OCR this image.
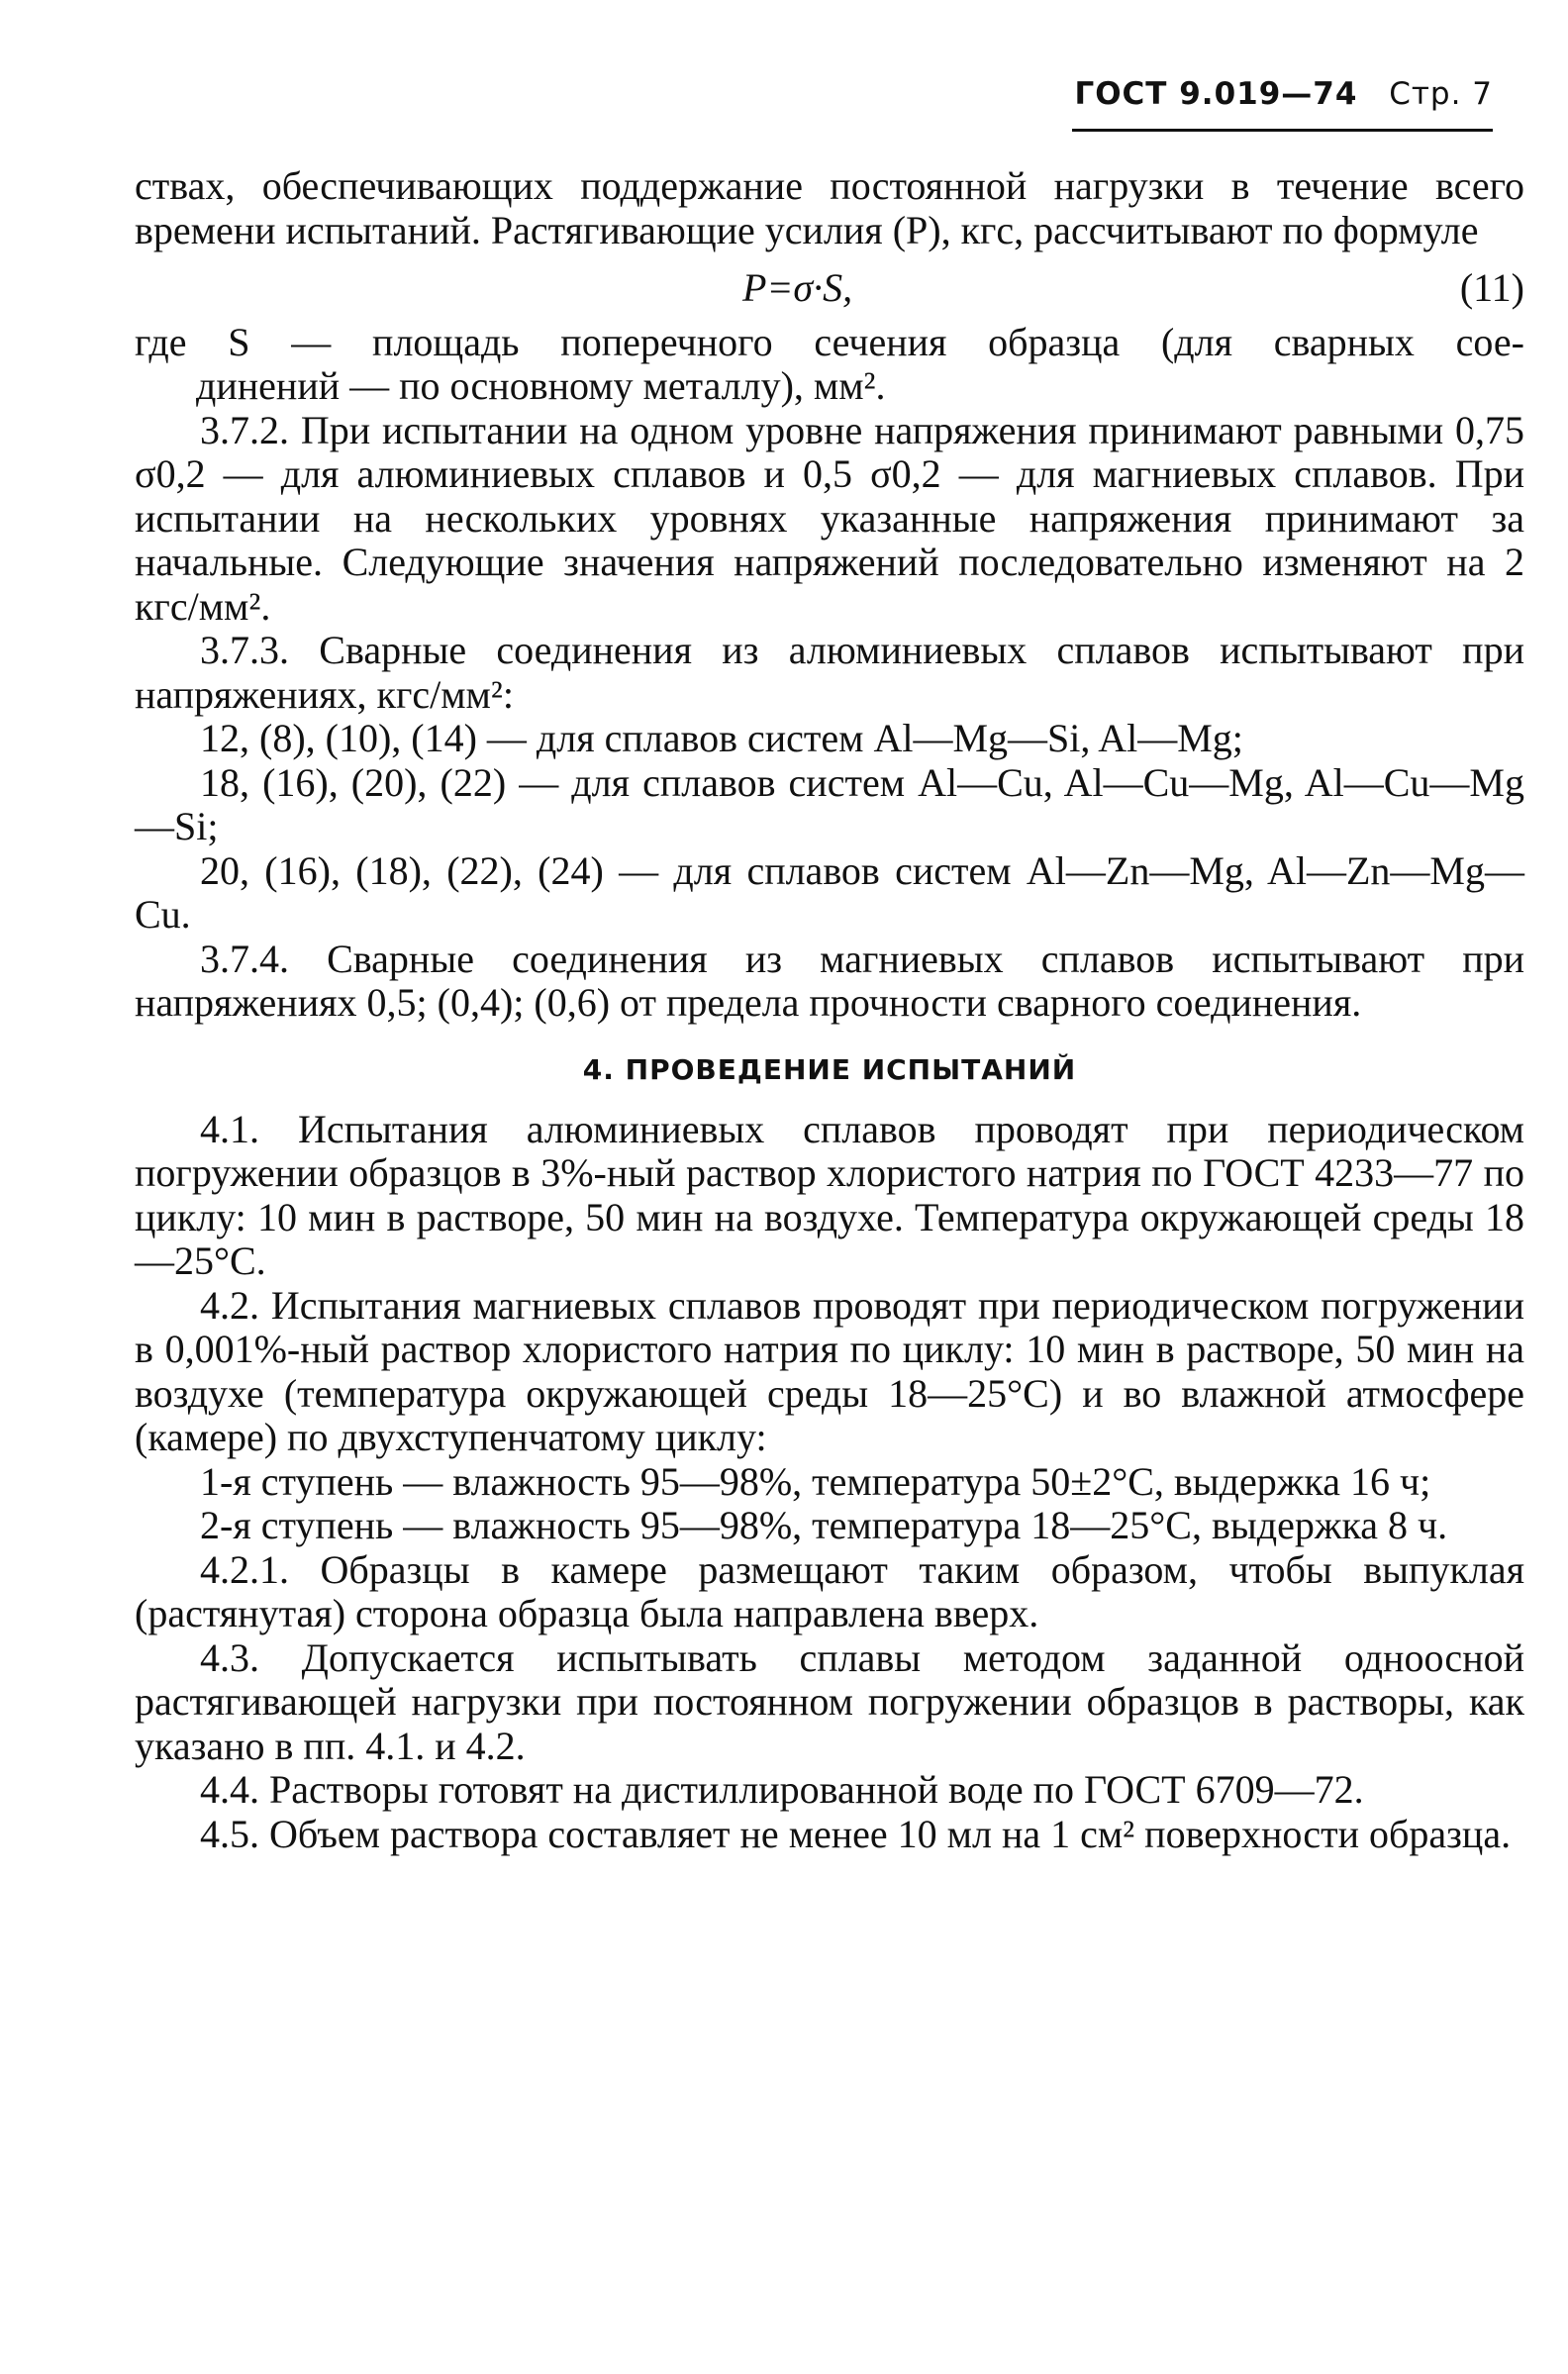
ГОСТ 9.019—74 Стр. 7

ствах, обеспечивающих поддержание постоянной нагрузки в течение всего времени испытаний. Растягивающие усилия (P), кгс, рассчитывают по формуле

P=σ·S,	(11)

где S — площадь поперечного сечения образца (для сварных сое-

динений — по основному металлу), мм².

3.7.2. При испытании на одном уровне напряжения принимают равными 0,75 σ0,2 — для алюминиевых сплавов и 0,5 σ0,2 — для магниевых сплавов. При испытании на нескольких уровнях указанные напряжения принимают за начальные. Следующие значения напряжений последовательно изменяют на 2 кгс/мм².

3.7.3. Сварные соединения из алюминиевых сплавов испытывают при напряжениях, кгс/мм²:

12, (8), (10), (14) — для сплавов систем Al—Mg—Si, Al—Mg;

18, (16), (20), (22) — для сплавов систем Al—Cu, Al—Cu—Mg, Al—Cu—Mg—Si;

20, (16), (18), (22), (24) — для сплавов систем Al—Zn—Mg, Al—Zn—Mg—Cu.

3.7.4. Сварные соединения из магниевых сплавов испытывают при напряжениях 0,5; (0,4); (0,6) от предела прочности сварного соединения.

4. ПРОВЕДЕНИЕ ИСПЫТАНИЙ

4.1. Испытания алюминиевых сплавов проводят при периодическом погружении образцов в 3%-ный раствор хлористого натрия по ГОСТ 4233—77 по циклу: 10 мин в растворе, 50 мин на воздухе. Температура окружающей среды 18—25°С.

4.2. Испытания магниевых сплавов проводят при периодическом погружении в 0,001%-ный раствор хлористого натрия по циклу: 10 мин в растворе, 50 мин на воздухе (температура окружающей среды 18—25°С) и во влажной атмосфере (камере) по двухступенчатому циклу:

1-я ступень — влажность 95—98%, температура 50±2°С, выдержка 16 ч;

2-я ступень — влажность 95—98%, температура 18—25°С, выдержка 8 ч.

4.2.1. Образцы в камере размещают таким образом, чтобы выпуклая (растянутая) сторона образца была направлена вверх.

4.3. Допускается испытывать сплавы методом заданной одноосной растягивающей нагрузки при постоянном погружении образцов в растворы, как указано в пп. 4.1. и 4.2.

4.4. Растворы готовят на дистиллированной воде по ГОСТ 6709—72.

4.5. Объем раствора составляет не менее 10 мл на 1 см² поверхности образца.
